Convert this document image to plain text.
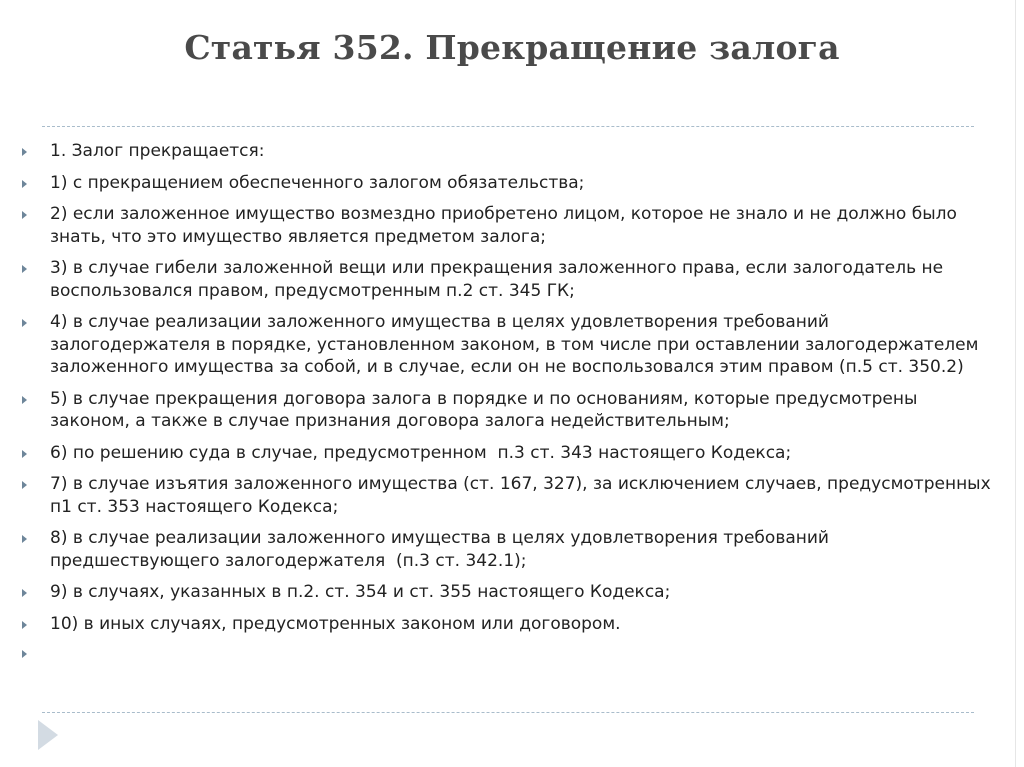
Статья 352. Прекращение залога
1. Залог прекращается:
1) с прекращением обеспеченного залогом обязательства;
2) если заложенное имущество возмездно приобретено лицом, которое не знало и не должно было знать, что это имущество является предметом залога;
3) в случае гибели заложенной вещи или прекращения заложенного права, если залогодатель не воспользовался правом, предусмотренным п.2 ст. 345 ГК;
4) в случае реализации заложенного имущества в целях удовлетворения требований залогодержателя в порядке, установленном законом, в том числе при оставлении залогодержателем заложенного имущества за собой, и в случае, если он не воспользовался этим правом (п.5 ст. 350.2)
5) в случае прекращения договора залога в порядке и по основаниям, которые предусмотрены законом, а также в случае признания договора залога недействительным;
6) по решению суда в случае, предусмотренном  п.3 ст. 343 настоящего Кодекса;
7) в случае изъятия заложенного имущества (ст. 167, 327), за исключением случаев, предусмотренных п1 ст. 353 настоящего Кодекса;
8) в случае реализации заложенного имущества в целях удовлетворения требований предшествующего залогодержателя  (п.3 ст. 342.1);
9) в случаях, указанных в п.2. ст. 354 и ст. 355 настоящего Кодекса;
10) в иных случаях, предусмотренных законом или договором.
